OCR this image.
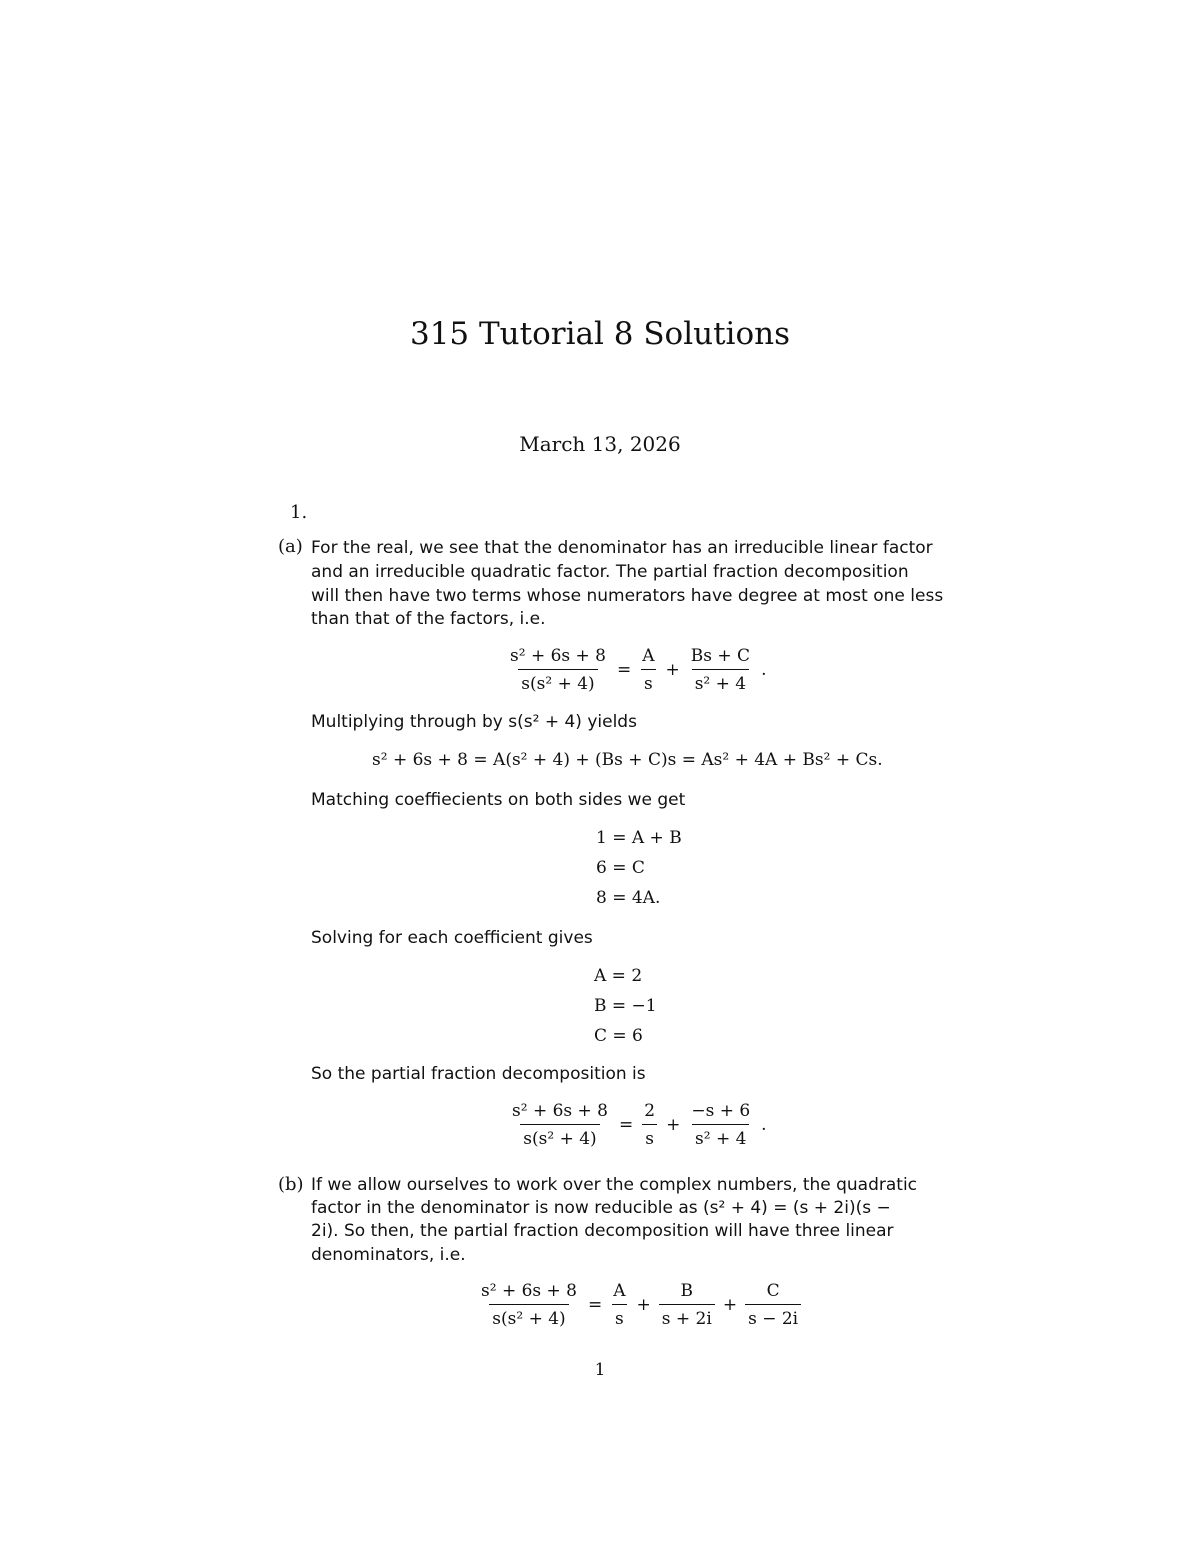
315 Tutorial 8 Solutions
March 13, 2026
1.
(a) For the real, we see that the denominator has an irreducible linear factor
and an irreducible quadratic factor. The partial fraction decomposition
will then have two terms whose numerators have degree at most one less
than that of the factors, i.e.
$\frac{\text{s² + 6s + 8}}{\text{s(s² + 4)}} = \frac{A}{s} + \frac{Bs + C}{\text{s² + 4}}$ .
Multiplying through by s(s² + 4) yields
s² + 6s + 8 = A(s² + 4) + (Bs + C)s = As² + 4A + Bs² + Cs.
Matching coeffiecients on both sides we get
1 = A + B
6 = C
8 = 4A.
Solving for each coefficient gives
A = 2
B = −1
C = 6
So the partial fraction decomposition is
$\frac{\text{s² + 6s + 8}}{\text{s(s² + 4)}} = \frac{2}{s} + \frac{-s + 6}{\text{s² + 4}}$ .
(b) If we allow ourselves to work over the complex numbers, the quadratic
factor in the denominator is now reducible as (s² + 4) = (s + 2i)(s −
2i). So then, the partial fraction decomposition will have three linear
denominators, i.e.
$\frac{\text{s² + 6s + 8}}{\text{s(s² + 4)}} = \frac{A}{s} + \frac{B}{s + 2i} + \frac{C}{s - 2i}$
1
